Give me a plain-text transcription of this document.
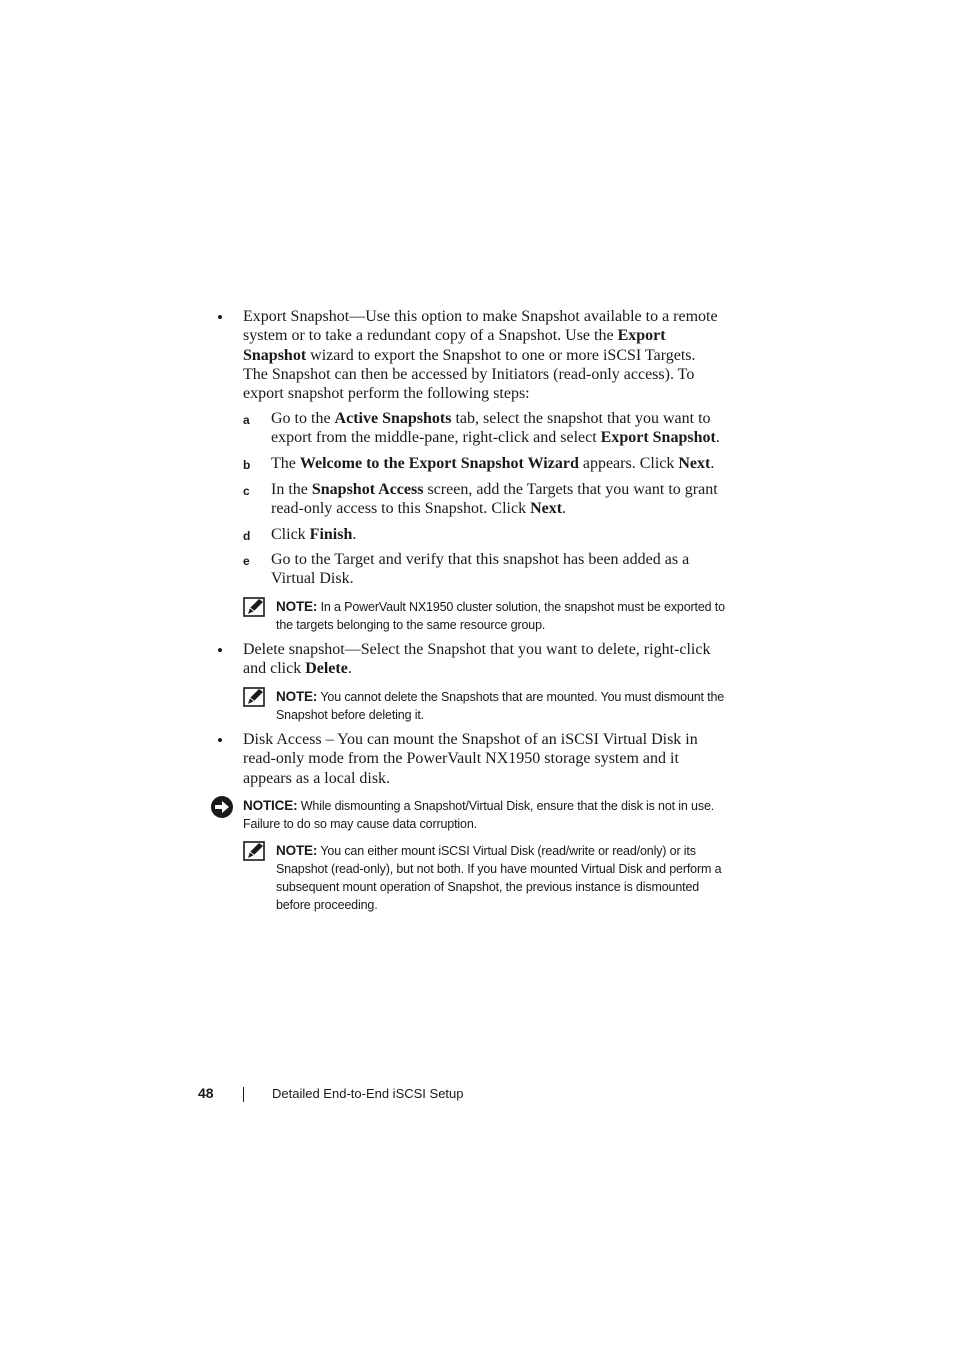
• Export Snapshot—Use this option to make Snapshot available to a remote system or to take a redundant copy of a Snapshot. Use the Export Snapshot wizard to export the Snapshot to one or more iSCSI Targets. The Snapshot can then be accessed by Initiators (read-only access). To export snapshot perform the following steps:
a Go to the Active Snapshots tab, select the snapshot that you want to export from the middle-pane, right-click and select Export Snapshot.
b The Welcome to the Export Snapshot Wizard appears. Click Next.
c In the Snapshot Access screen, add the Targets that you want to grant read-only access to this Snapshot. Click Next.
d Click Finish.
e Go to the Target and verify that this snapshot has been added as a Virtual Disk.
NOTE: In a PowerVault NX1950 cluster solution, the snapshot must be exported to the targets belonging to the same resource group.
• Delete snapshot—Select the Snapshot that you want to delete, right-click and click Delete.
NOTE: You cannot delete the Snapshots that are mounted. You must dismount the Snapshot before deleting it.
• Disk Access – You can mount the Snapshot of an iSCSI Virtual Disk in read-only mode from the PowerVault NX1950 storage system and it appears as a local disk.
NOTICE: While dismounting a Snapshot/Virtual Disk, ensure that the disk is not in use. Failure to do so may cause data corruption.
NOTE: You can either mount iSCSI Virtual Disk (read/write or read/only) or its Snapshot (read-only), but not both. If you have mounted Virtual Disk and perform a subsequent mount operation of Snapshot, the previous instance is dismounted before proceeding.
48	Detailed End-to-End iSCSI Setup
